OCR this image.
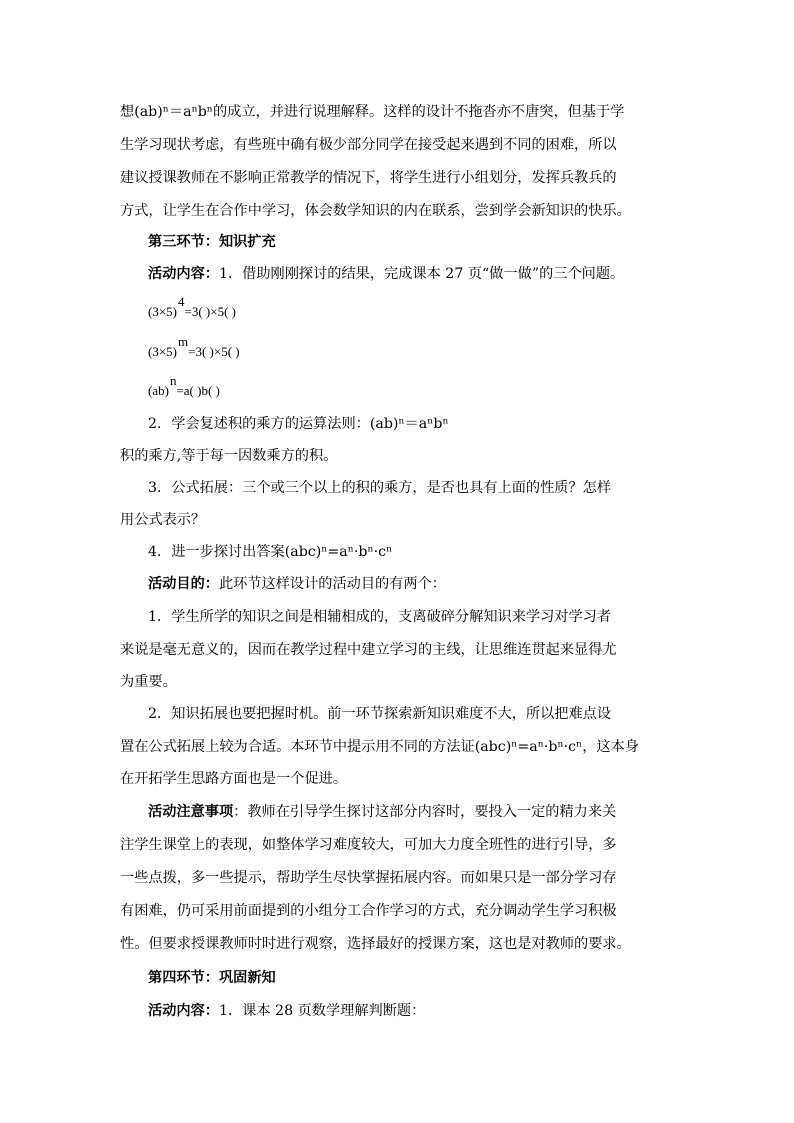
想(ab)ⁿ＝aⁿbⁿ的成立，并进行说理解释。这样的设计不拖沓亦不唐突，但基于学
生学习现状考虑，有些班中确有极少部分同学在接受起来遇到不同的困难，所以
建议授课教师在不影响正常教学的情况下，将学生进行小组划分，发挥兵教兵的
方式，让学生在合作中学习，体会数学知识的内在联系，尝到学会新知识的快乐。
第三环节：知识扩充
活动内容：1．借助刚刚探讨的结果，完成课本 27 页“做一做”的三个问题。
(3×5)4=3( )×5( )
(3×5)m=3( )×5( )
(ab)n=a( )b( )
2．学会复述积的乘方的运算法则：(ab)ⁿ＝aⁿbⁿ
积的乘方,等于每一因数乘方的积。
3．公式拓展：三个或三个以上的积的乘方，是否也具有上面的性质？怎样
用公式表示？
4．进一步探讨出答案(abc)ⁿ=aⁿ·bⁿ·cⁿ
活动目的：此环节这样设计的活动目的有两个：
1．学生所学的知识之间是相辅相成的，支离破碎分解知识来学习对学习者
来说是毫无意义的，因而在教学过程中建立学习的主线，让思维连贯起来显得尤
为重要。
2．知识拓展也要把握时机。前一环节探索新知识难度不大，所以把难点设
置在公式拓展上较为合适。本环节中提示用不同的方法证(abc)ⁿ=aⁿ·bⁿ·cⁿ，这本身
在开拓学生思路方面也是一个促进。
活动注意事项：教师在引导学生探讨这部分内容时，要投入一定的精力来关
注学生课堂上的表现，如整体学习难度较大，可加大力度全班性的进行引导，多
一些点拨，多一些提示，帮助学生尽快掌握拓展内容。而如果只是一部分学习存
有困难，仍可采用前面提到的小组分工合作学习的方式，充分调动学生学习积极
性。但要求授课教师时时进行观察，选择最好的授课方案，这也是对教师的要求。
第四环节：巩固新知
活动内容：1．课本 28 页数学理解判断题：
